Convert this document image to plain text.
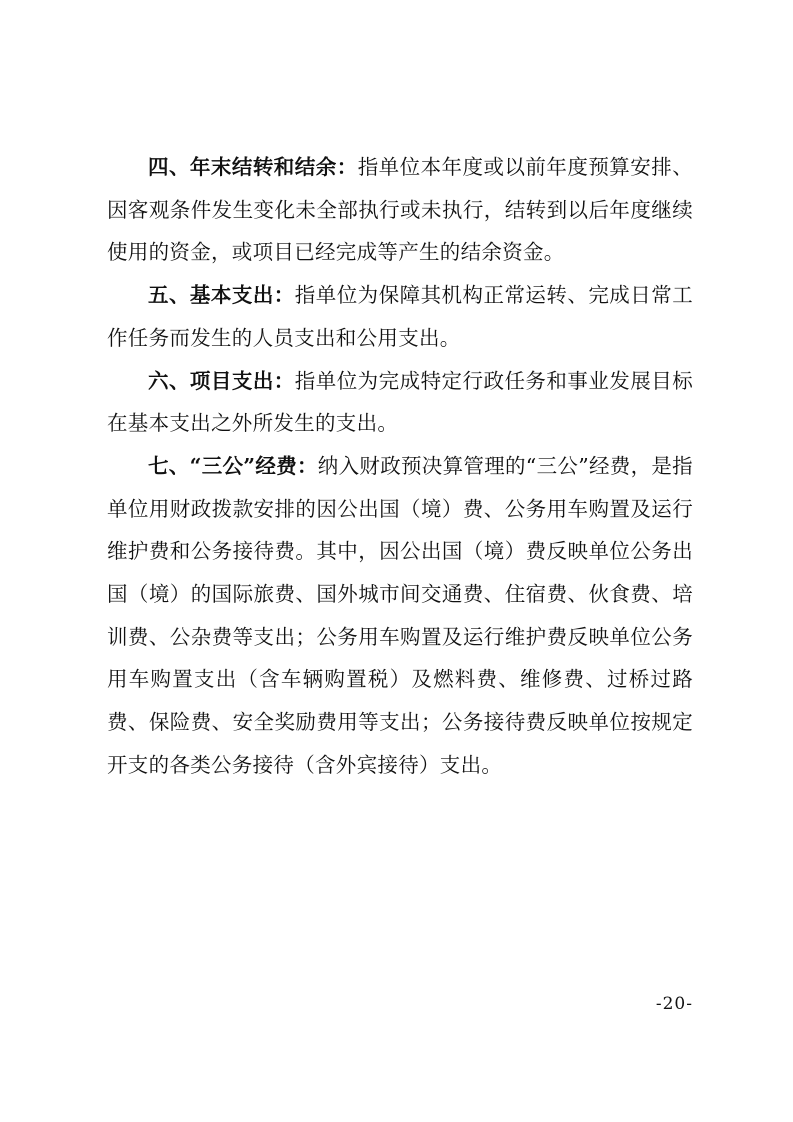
四、年末结转和结余：指单位本年度或以前年度预算安排、因客观条件发生变化未全部执行或未执行，结转到以后年度继续使用的资金，或项目已经完成等产生的结余资金。

五、基本支出：指单位为保障其机构正常运转、完成日常工作任务而发生的人员支出和公用支出。

六、项目支出：指单位为完成特定行政任务和事业发展目标在基本支出之外所发生的支出。

七、“三公”经费：纳入财政预决算管理的“三公”经费，是指单位用财政拨款安排的因公出国（境）费、公务用车购置及运行维护费和公务接待费。其中，因公出国（境）费反映单位公务出国（境）的国际旅费、国外城市间交通费、住宿费、伙食费、培训费、公杂费等支出；公务用车购置及运行维护费反映单位公务用车购置支出（含车辆购置税）及燃料费、维修费、过桥过路费、保险费、安全奖励费用等支出；公务接待费反映单位按规定开支的各类公务接待（含外宾接待）支出。

-20-
